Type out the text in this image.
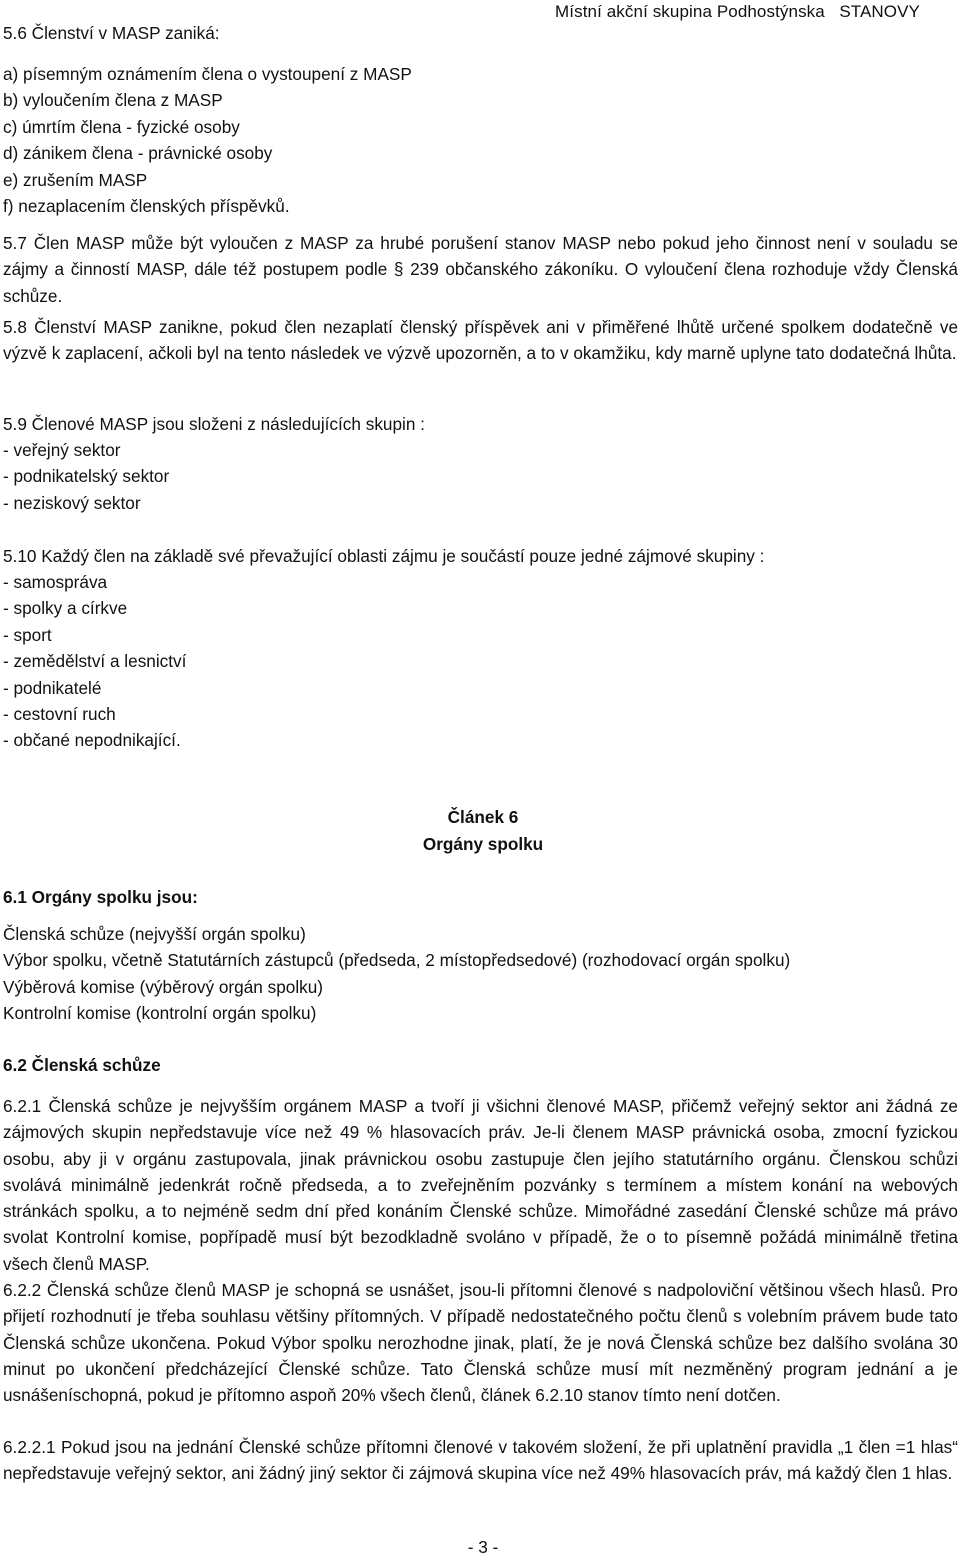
Místní akční skupina Podhostýnska STANOVY
5.6 Členství v MASP zaniká:
a) písemným oznámením člena o vystoupení z MASP
b) vyloučením člena z MASP
c) úmrtím člena - fyzické osoby
d) zánikem člena - právnické osoby
e) zrušením MASP
f) nezaplacením členských příspěvků.
5.7 Člen MASP může být vyloučen z MASP za hrubé porušení stanov MASP nebo pokud jeho činnost není v souladu se zájmy a činností MASP, dále též postupem podle § 239 občanského zákoníku. O vyloučení člena rozhoduje vždy Členská schůze.
5.8 Členství MASP zanikne, pokud člen nezaplatí členský příspěvek ani v přiměřené lhůtě určené spolkem dodatečně ve výzvě k zaplacení, ačkoli byl na tento následek ve výzvě upozorněn, a to v okamžiku, kdy marně uplyne tato dodatečná lhůta.
5.9 Členové MASP jsou složeni z následujících skupin :
- veřejný sektor
- podnikatelský sektor
- neziskový sektor
5.10 Každý člen na základě své převažující oblasti zájmu je součástí pouze jedné zájmové skupiny :
- samospráva
- spolky a církve
- sport
- zemědělství a lesnictví
- podnikatelé
- cestovní ruch
- občané nepodnikající.
Článek 6
Orgány spolku
6.1 Orgány spolku jsou:
Členská schůze (nejvyšší orgán spolku)
Výbor spolku, včetně Statutárních zástupců (předseda, 2 místopředsedové) (rozhodovací orgán spolku)
Výběrová komise (výběrový orgán spolku)
Kontrolní komise (kontrolní orgán spolku)
6.2 Členská schůze
6.2.1 Členská schůze je nejvyšším orgánem MASP a tvoří ji všichni členové MASP, přičemž veřejný sektor ani žádná ze zájmových skupin nepředstavuje více než 49 % hlasovacích práv. Je-li členem MASP právnická osoba, zmocní fyzickou osobu, aby ji v orgánu zastupovala, jinak právnickou osobu zastupuje člen jejího statutárního orgánu. Členskou schůzi svolává minimálně jedenkrát ročně předseda, a to zveřejněním pozvánky s termínem a místem konání na webových stránkách spolku, a to nejméně sedm dní před konáním Členské schůze. Mimořádné zasedání Členské schůze má právo svolat Kontrolní komise, popřípadě musí být bezodkladně svoláno v případě, že o to písemně požádá minimálně třetina všech členů MASP.
6.2.2 Členská schůze členů MASP je schopná se usnášet, jsou-li přítomni členové s nadpoloviční většinou všech hlasů. Pro přijetí rozhodnutí je třeba souhlasu většiny přítomných. V případě nedostatečného počtu členů s volebním právem bude tato Členská schůze ukončena. Pokud Výbor spolku nerozhodne jinak, platí, že je nová Členská schůze bez dalšího svolána 30 minut po ukončení předcházející Členské schůze. Tato Členská schůze musí mít nezměněný program jednání a je usnášeníschopná, pokud je přítomno aspoň 20% všech členů, článek 6.2.10 stanov tímto není dotčen.
6.2.2.1 Pokud jsou na jednání Členské schůze přítomni členové v takovém složení, že při uplatnění pravidla „1 člen =1 hlas“ nepředstavuje veřejný sektor, ani žádný jiný sektor či zájmová skupina více než 49% hlasovacích práv, má každý člen 1 hlas.
- 3 -
